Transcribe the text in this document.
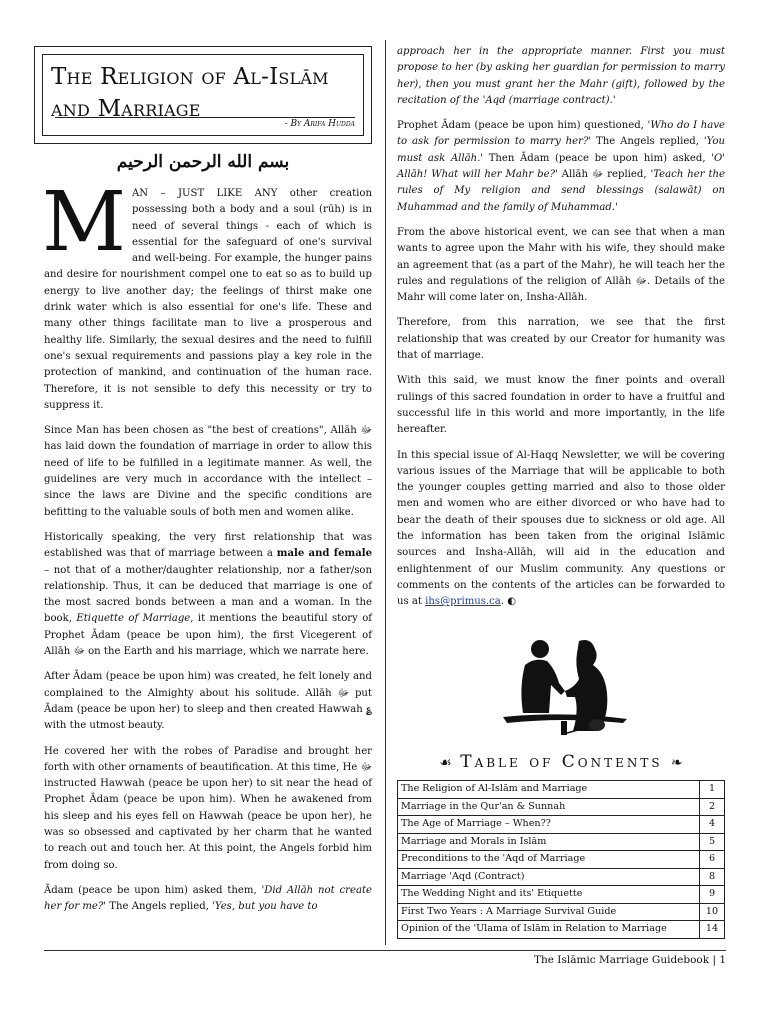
The Religion of Al-Islām and Marriage
- By Arifa Hudda
بسم الله الرحمن الرحيم

MAN – JUST LIKE ANY other creation possessing both a body and a soul (rūh) is in need of several things - each of which is essential for the safeguard of one's survival and well-being. For example, the hunger pains and desire for nourishment compel one to eat so as to build up energy to live another day; the feelings of thirst make one drink water which is also essential for one's life. These and many other things facilitate man to live a prosperous and healthy life. Similarly, the sexual desires and the need to fulfill one's sexual requirements and passions play a key role in the protection of mankind, and continuation of the human race. Therefore, it is not sensible to defy this necessity or try to suppress it.

Since Man has been chosen as "the best of creations", Allāh ﷻ has laid down the foundation of marriage in order to allow this need of life to be fulfilled in a legitimate manner. As well, the guidelines are very much in accordance with the intellect – since the laws are Divine and the specific conditions are befitting to the valuable souls of both men and women alike.

Historically speaking, the very first relationship that was established was that of marriage between a male and female – not that of a mother/daughter relationship, nor a father/son relationship. Thus, it can be deduced that marriage is one of the most sacred bonds between a man and a woman. In the book, Etiquette of Marriage, it mentions the beautiful story of Prophet Ādam (peace be upon him), the first Vicegerent of Allāh ﷻ on the Earth and his marriage, which we narrate here.

After Ādam (peace be upon him) was created, he felt lonely and complained to the Almighty about his solitude. Allāh ﷻ put Ādam (peace be upon her) to sleep and then created Hawwah ؏ with the utmost beauty.

He covered her with the robes of Paradise and brought her forth with other ornaments of beautification. At this time, He ﷻ instructed Hawwah (peace be upon her) to sit near the head of Prophet Ādam (peace be upon him). When he awakened from his sleep and his eyes fell on Hawwah (peace be upon her), he was so obsessed and captivated by her charm that he wanted to reach out and touch her. At this point, the Angels forbid him from doing so.

Ādam (peace be upon him) asked them, 'Did Allāh not create her for me?' The Angels replied, 'Yes, but you have to

approach her in the appropriate manner. First you must propose to her (by asking her guardian for permission to marry her), then you must grant her the Mahr (gift), followed by the recitation of the 'Aqd (marriage contract).'

Prophet Ādam (peace be upon him) questioned, 'Who do I have to ask for permission to marry her?' The Angels replied, 'You must ask Allāh.' Then Ādam (peace be upon him) asked, 'O' Allāh! What will her Mahr be?' Allāh ﷻ replied, 'Teach her the rules of My religion and send blessings (salawāt) on Muhammad and the family of Muhammad.'

From the above historical event, we can see that when a man wants to agree upon the Mahr with his wife, they should make an agreement that (as a part of the Mahr), he will teach her the rules and regulations of the religion of Allāh ﷻ. Details of the Mahr will come later on, Insha-Allāh.

Therefore, from this narration, we see that the first relationship that was created by our Creator for humanity was that of marriage.

With this said, we must know the finer points and overall rulings of this sacred foundation in order to have a fruitful and successful life in this world and more importantly, in the life hereafter.

In this special issue of Al-Haqq Newsletter, we will be covering various issues of the Marriage that will be applicable to both the younger couples getting married and also to those older men and women who are either divorced or who have had to bear the death of their spouses due to sickness or old age. All the information has been taken from the original Islāmic sources and Insha-Allāh, will aid in the education and enlightenment of our Muslim community. Any questions or comments on the contents of the articles can be forwarded to us at ihs@primus.ca. ◐

☙ Table of Contents ❧
The Religion of Al-Islām and Marriage	1
Marriage in the Qur'an & Sunnah	2
The Age of Marriage – When??	4
Marriage and Morals in Islām	5
Preconditions to the 'Aqd of Marriage	6
Marriage 'Aqd (Contract)	8
The Wedding Night and its' Etiquette	9
First Two Years : A Marriage Survival Guide	10
Opinion of the 'Ulama of Islām in Relation to Marriage	14
The Islāmic Marriage Guidebook | 1
